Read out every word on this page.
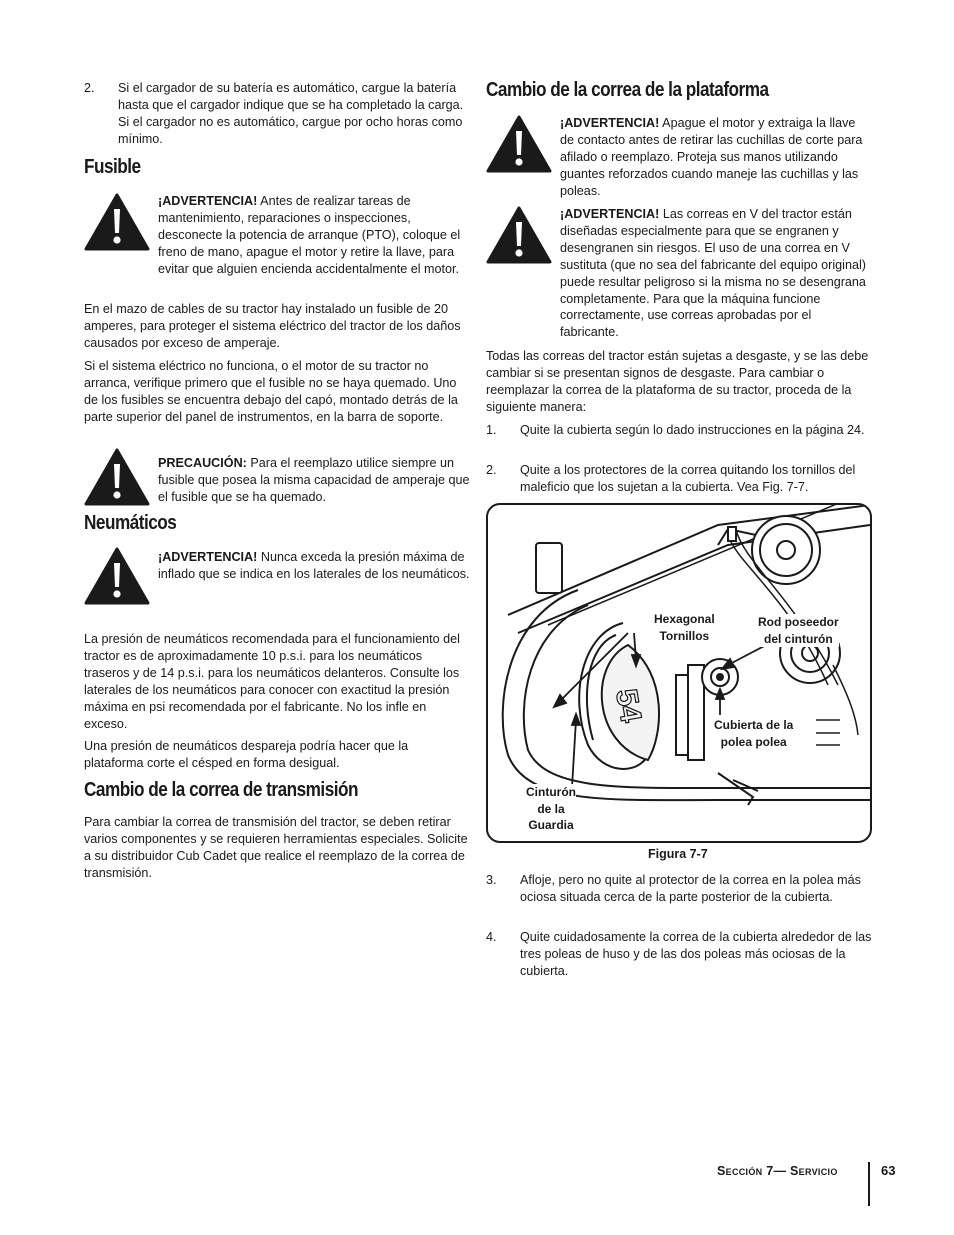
2. Si el cargador de su batería es automático, cargue la batería hasta que el cargador indique que se ha completado la carga. Si el cargador no es automático, cargue por ocho horas como mínimo.
Fusible

¡ADVERTENCIA! Antes de realizar tareas de mantenimiento, reparaciones o inspecciones, desconecte la potencia de arranque (PTO), coloque el freno de mano, apague el motor y retire la llave, para evitar que alguien encienda accidentalmente el motor.

En el mazo de cables de su tractor hay instalado un fusible de 20 amperes, para proteger el sistema eléctrico del tractor de los daños causados por exceso de amperaje.

Si el sistema eléctrico no funciona, o el motor de su tractor no arranca, verifique primero que el fusible no se haya quemado. Uno de los fusibles se encuentra debajo del capó, montado detrás de la parte superior del panel de instrumentos, en la barra de soporte.

PRECAUCIÓN: Para el reemplazo utilice siempre un fusible que posea la misma capacidad de amperaje que el fusible que se ha quemado.

Neumáticos

¡ADVERTENCIA! Nunca exceda la presión máxima de inflado que se indica en los laterales de los neumáticos.

La presión de neumáticos recomendada para el funcionamiento del tractor es de aproximadamente 10 p.s.i. para los neumáticos traseros y de 14 p.s.i. para los neumáticos delanteros. Consulte los laterales de los neumáticos para conocer con exactitud la presión máxima en psi recomendada por el fabricante. No los infle en exceso.

Una presión de neumáticos despareja podría hacer que la plataforma corte el césped en forma desigual.

Cambio de la correa de transmisión

Para cambiar la correa de transmisión del tractor, se deben retirar varios componentes y se requieren herramientas especiales. Solicite a su distribuidor Cub Cadet que realice el reemplazo de la correa de transmisión.

Cambio de la correa de la plataforma

¡ADVERTENCIA! Apague el motor y extraiga la llave de contacto antes de retirar las cuchillas de corte para afilado o reemplazo. Proteja sus manos utilizando guantes reforzados cuando maneje las cuchillas y las poleas.

¡ADVERTENCIA! Las correas en V del tractor están diseñadas especialmente para que se engranen y desengranen sin riesgos. El uso de una correa en V sustituta (que no sea del fabricante del equipo original) puede resultar peligroso si la misma no se desengrana completamente. Para que la máquina funcione correctamente, use correas aprobadas por el fabricante.

Todas las correas del tractor están sujetas a desgaste, y se las debe cambiar si se presentan signos de desgaste. Para cambiar o reemplazar la correa de la plataforma de su tractor, proceda de la siguiente manera:

1. Quite la cubierta según lo dado instrucciones en la página 24.
2. Quite a los protectores de la correa quitando los tornillos del maleficio que los sujetan a la cubierta. Vea Fig. 7-7.
3. Afloje, pero no quite al protector de la correa en la polea más ociosa situada cerca de la parte posterior de la cubierta.
4. Quite cuidadosamente la correa de la cubierta alrededor de las tres poleas de huso y de las dos poleas más ociosas de la cubierta.
54
Hexagonal
Tornillos
Rod poseedor
del cinturón
Cubierta de la
polea polea
Cinturón
de la
Guardia
Figura 7-7
Sección 7— Servicio	63
